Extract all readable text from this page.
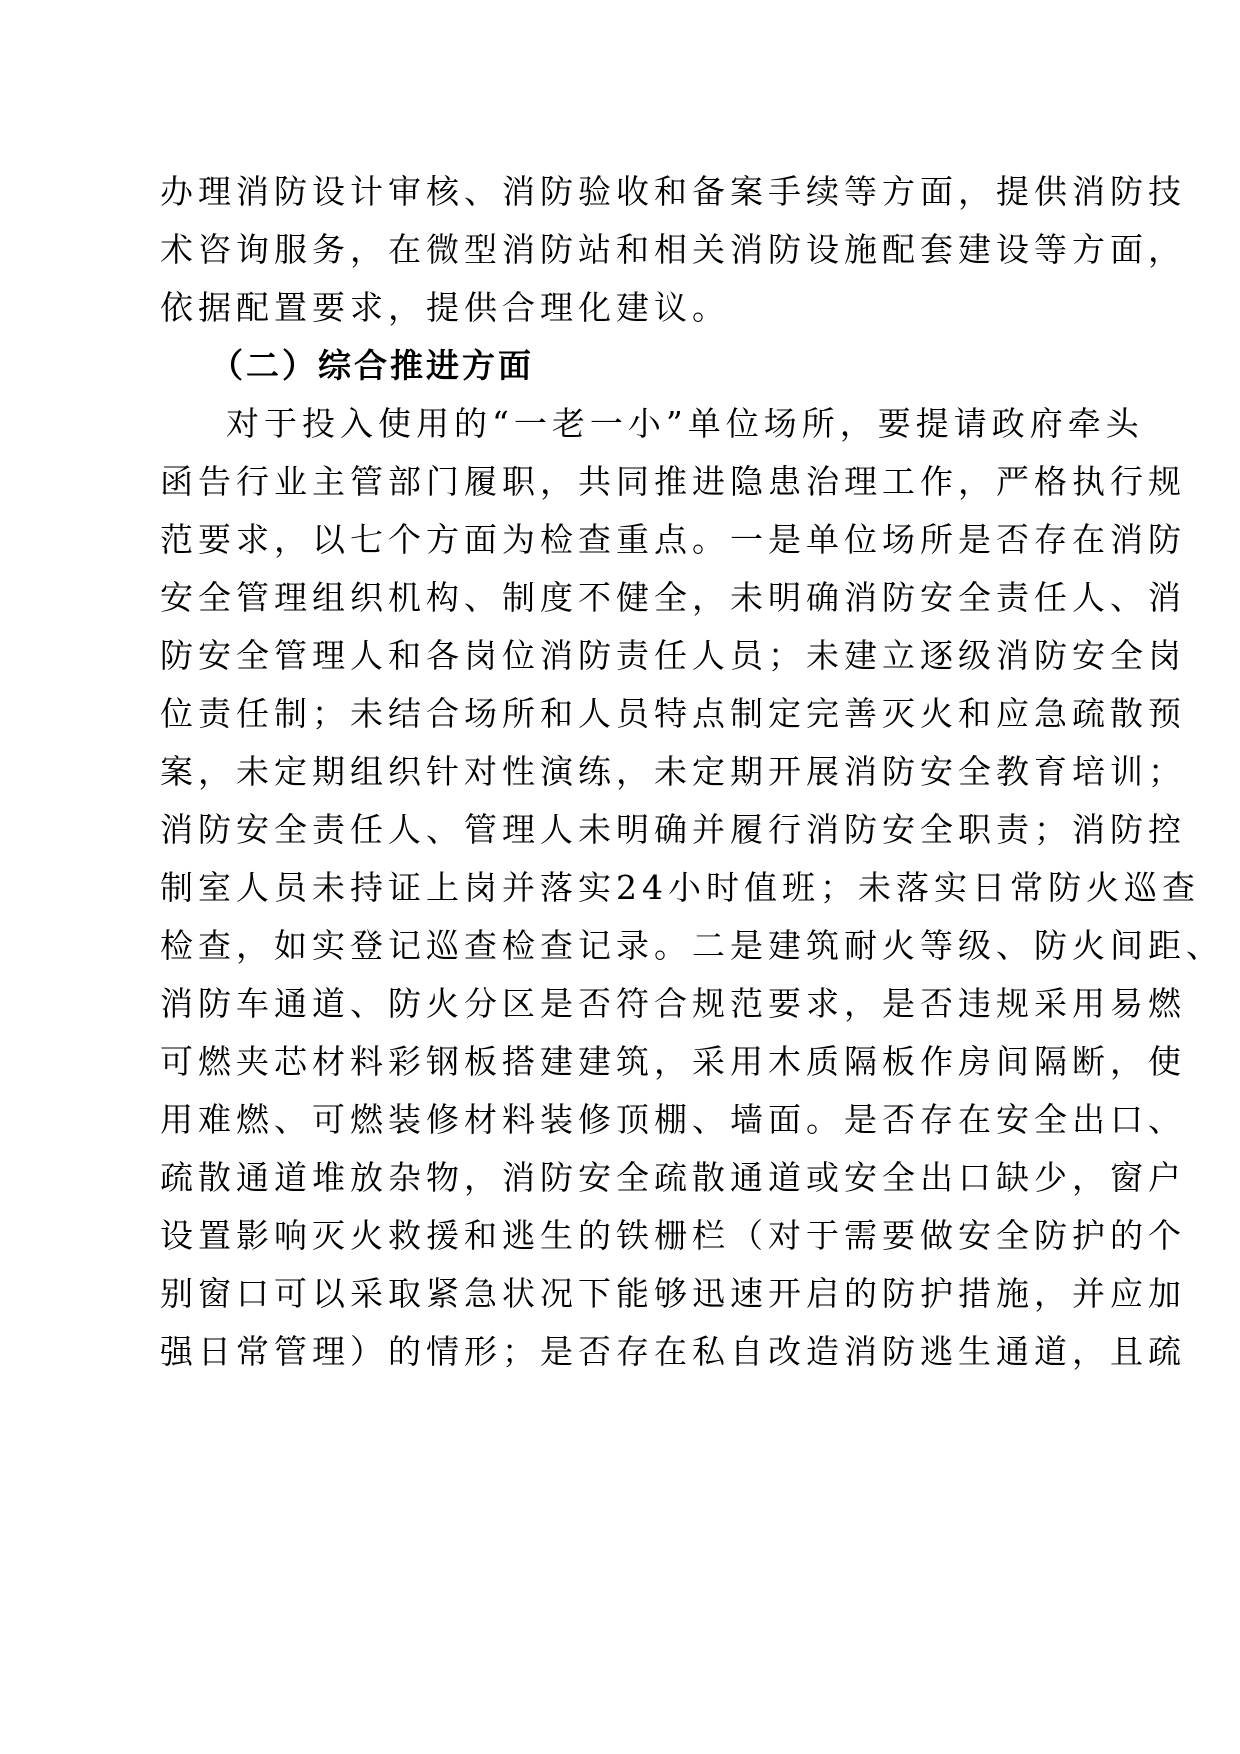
办理消防设计审核、消防验收和备案手续等方面，提供消防技
术咨询服务，在微型消防站和相关消防设施配套建设等方面，
依据配置要求，提供合理化建议。
（二）综合推进方面
对于投入使用的“一老一小”单位场所，要提请政府牵头
函告行业主管部门履职，共同推进隐患治理工作，严格执行规
范要求，以七个方面为检查重点。一是单位场所是否存在消防
安全管理组织机构、制度不健全，未明确消防安全责任人、消
防安全管理人和各岗位消防责任人员；未建立逐级消防安全岗
位责任制；未结合场所和人员特点制定完善灭火和应急疏散预
案，未定期组织针对性演练，未定期开展消防安全教育培训；
消防安全责任人、管理人未明确并履行消防安全职责；消防控
制室人员未持证上岗并落实24小时值班；未落实日常防火巡查
检查，如实登记巡查检查记录。二是建筑耐火等级、防火间距、
消防车通道、防火分区是否符合规范要求，是否违规采用易燃
可燃夹芯材料彩钢板搭建建筑，采用木质隔板作房间隔断，使
用难燃、可燃装修材料装修顶棚、墙面。是否存在安全出口、
疏散通道堆放杂物，消防安全疏散通道或安全出口缺少，窗户
设置影响灭火救援和逃生的铁栅栏（对于需要做安全防护的个
别窗口可以采取紧急状况下能够迅速开启的防护措施，并应加
强日常管理）的情形；是否存在私自改造消防逃生通道，且疏
